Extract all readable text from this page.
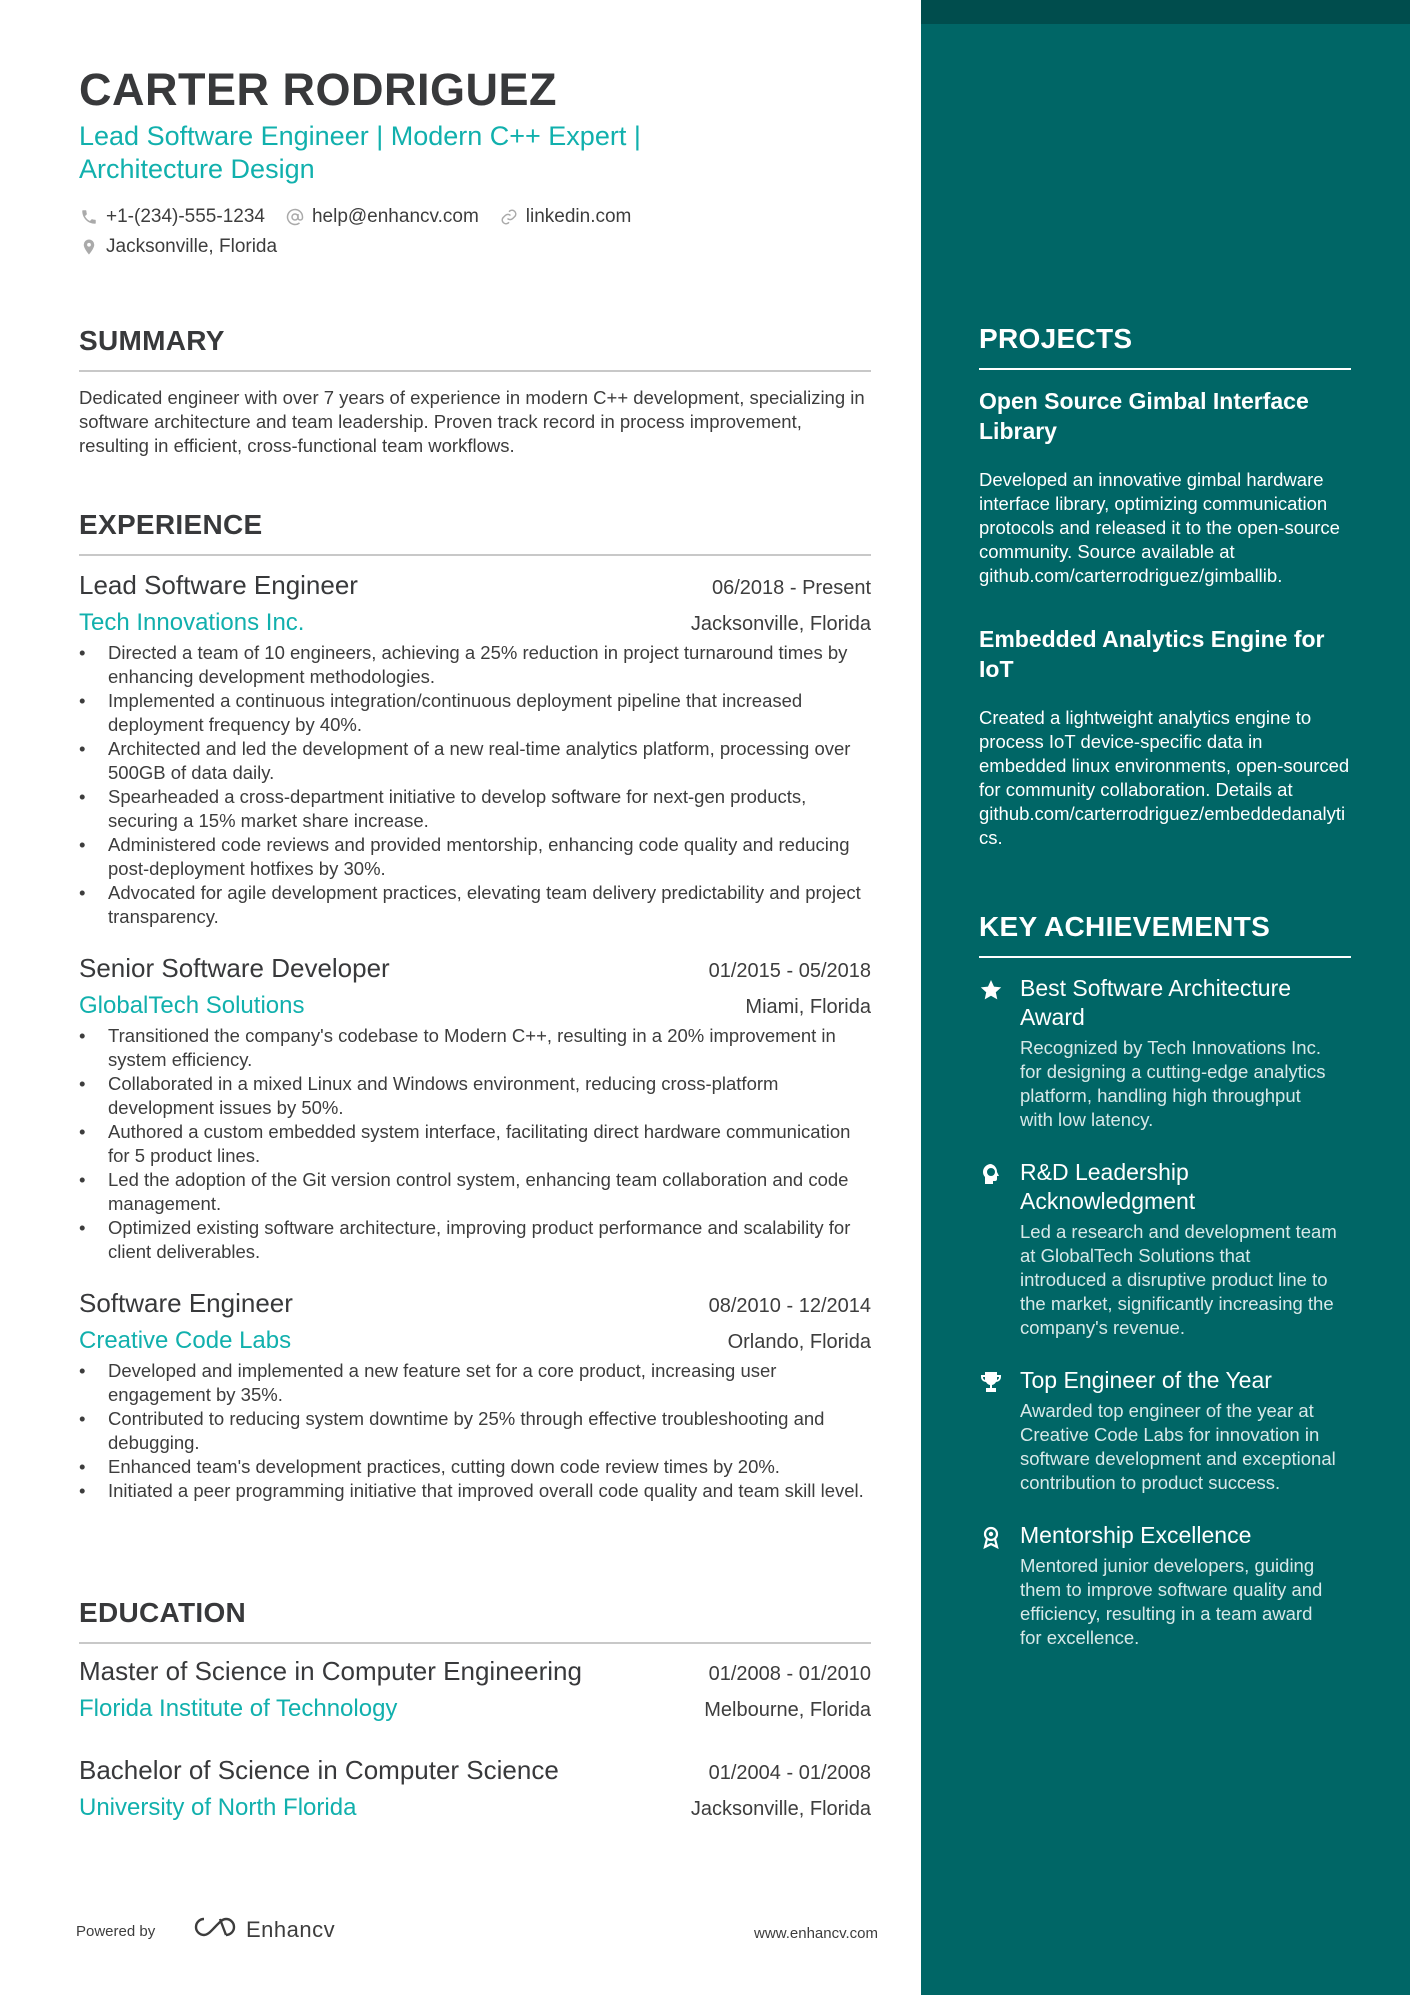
CARTER RODRIGUEZ
Lead Software Engineer | Modern C++ Expert | Architecture Design
+1-(234)-555-1234 help@enhancv.com linkedin.com
Jacksonville, Florida
SUMMARY
Dedicated engineer with over 7 years of experience in modern C++ development, specializing in software architecture and team leadership. Proven track record in process improvement, resulting in efficient, cross-functional team workflows.
EXPERIENCE
Lead Software Engineer	06/2018 - Present
Tech Innovations Inc.	Jacksonville, Florida
• Directed a team of 10 engineers, achieving a 25% reduction in project turnaround times by enhancing development methodologies.
• Implemented a continuous integration/continuous deployment pipeline that increased deployment frequency by 40%.
• Architected and led the development of a new real-time analytics platform, processing over 500GB of data daily.
• Spearheaded a cross-department initiative to develop software for next-gen products, securing a 15% market share increase.
• Administered code reviews and provided mentorship, enhancing code quality and reducing post-deployment hotfixes by 30%.
• Advocated for agile development practices, elevating team delivery predictability and project transparency.
Senior Software Developer	01/2015 - 05/2018
GlobalTech Solutions	Miami, Florida
• Transitioned the company's codebase to Modern C++, resulting in a 20% improvement in system efficiency.
• Collaborated in a mixed Linux and Windows environment, reducing cross-platform development issues by 50%.
• Authored a custom embedded system interface, facilitating direct hardware communication for 5 product lines.
• Led the adoption of the Git version control system, enhancing team collaboration and code management.
• Optimized existing software architecture, improving product performance and scalability for client deliverables.
Software Engineer	08/2010 - 12/2014
Creative Code Labs	Orlando, Florida
• Developed and implemented a new feature set for a core product, increasing user engagement by 35%.
• Contributed to reducing system downtime by 25% through effective troubleshooting and debugging.
• Enhanced team's development practices, cutting down code review times by 20%.
• Initiated a peer programming initiative that improved overall code quality and team skill level.
EDUCATION
Master of Science in Computer Engineering	01/2008 - 01/2010
Florida Institute of Technology	Melbourne, Florida
Bachelor of Science in Computer Science	01/2004 - 01/2008
University of North Florida	Jacksonville, Florida
Powered by	Enhancv	www.enhancv.com
PROJECTS
Open Source Gimbal Interface Library
Developed an innovative gimbal hardware interface library, optimizing communication protocols and released it to the open-source community. Source available at github.com/carterrodriguez/gimballib.
Embedded Analytics Engine for IoT
Created a lightweight analytics engine to process IoT device-specific data in embedded linux environments, open-sourced for community collaboration. Details at github.com/carterrodriguez/embeddedanalytics.
KEY ACHIEVEMENTS
Best Software Architecture Award
Recognized by Tech Innovations Inc. for designing a cutting-edge analytics platform, handling high throughput with low latency.
R&D Leadership Acknowledgment
Led a research and development team at GlobalTech Solutions that introduced a disruptive product line to the market, significantly increasing the company's revenue.
Top Engineer of the Year
Awarded top engineer of the year at Creative Code Labs for innovation in software development and exceptional contribution to product success.
Mentorship Excellence
Mentored junior developers, guiding them to improve software quality and efficiency, resulting in a team award for excellence.
